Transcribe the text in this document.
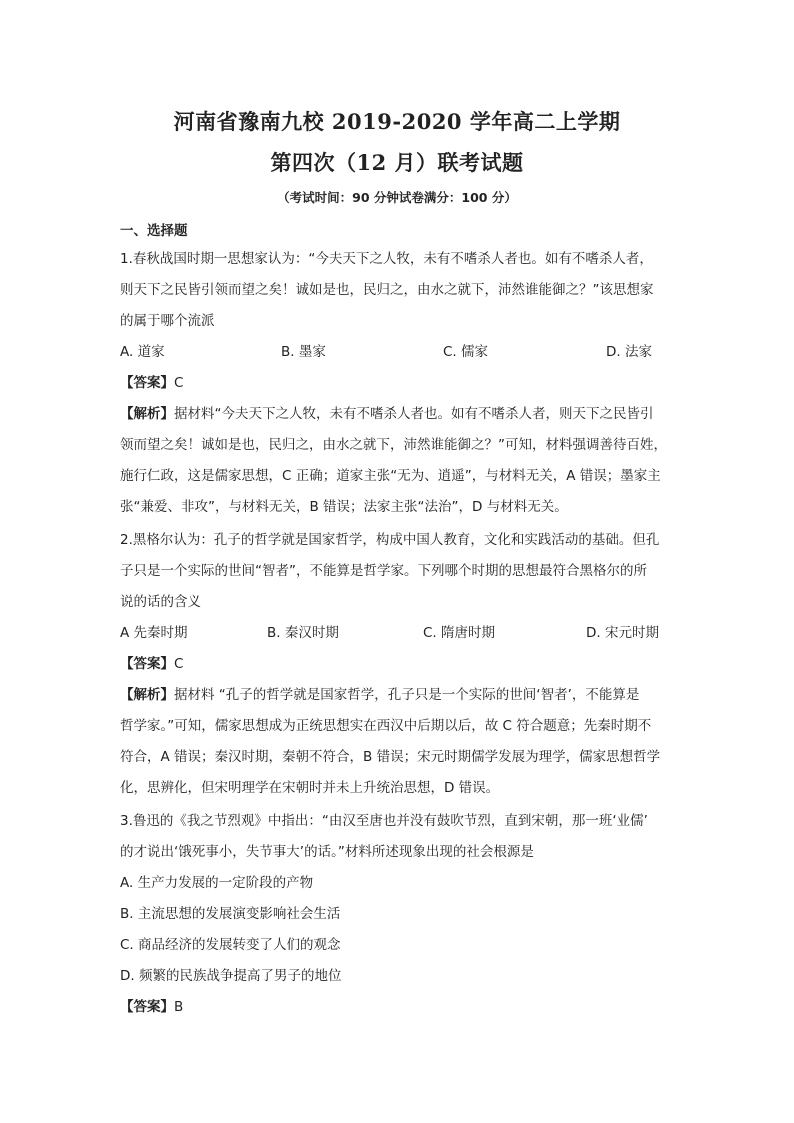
河南省豫南九校 2019-2020 学年高二上学期
第四次（12 月）联考试题
（考试时间：90 分钟试卷满分：100 分）
一、选择题
1.春秋战国时期一思想家认为：“今夫天下之人牧，未有不嗜杀人者也。如有不嗜杀人者，
则天下之民皆引领而望之矣！诚如是也，民归之，由水之就下，沛然谁能御之？”该思想家
的属于哪个流派
A. 道家	B. 墨家	C. 儒家	D. 法家
【答案】C
【解析】据材料“今夫天下之人牧，未有不嗜杀人者也。如有不嗜杀人者，则天下之民皆引
领而望之矣！诚如是也，民归之，由水之就下，沛然谁能御之？”可知，材料强调善待百姓，
施行仁政，这是儒家思想，C 正确；道家主张“无为、逍遥”，与材料无关，A 错误；墨家主
张“兼爱、非攻”，与材料无关，B 错误；法家主张“法治”，D 与材料无关。
2.黑格尔认为：孔子的哲学就是国家哲学，构成中国人教育，文化和实践活动的基础。但孔
子只是一个实际的世间“智者”，不能算是哲学家。下列哪个时期的思想最符合黑格尔的所
说的话的含义
A 先秦时期	B. 秦汉时期	C. 隋唐时期	D. 宋元时期
【答案】C
【解析】据材料 “孔子的哲学就是国家哲学，孔子只是一个实际的世间‘智者’，不能算是
哲学家。”可知，儒家思想成为正统思想实在西汉中后期以后，故 C 符合题意；先秦时期不
符合，A 错误；秦汉时期，秦朝不符合，B 错误；宋元时期儒学发展为理学，儒家思想哲学
化，思辨化，但宋明理学在宋朝时并未上升统治思想，D 错误。
3.鲁迅的《我之节烈观》中指出：“由汉至唐也并没有鼓吹节烈，直到宋朝，那一班‘业儒’
的才说出‘饿死事小，失节事大’的话。”材料所述现象出现的社会根源是
A. 生产力发展的一定阶段的产物
B. 主流思想的发展演变影响社会生活
C. 商品经济的发展转变了人们的观念
D. 频繁的民族战争提高了男子的地位
【答案】B
